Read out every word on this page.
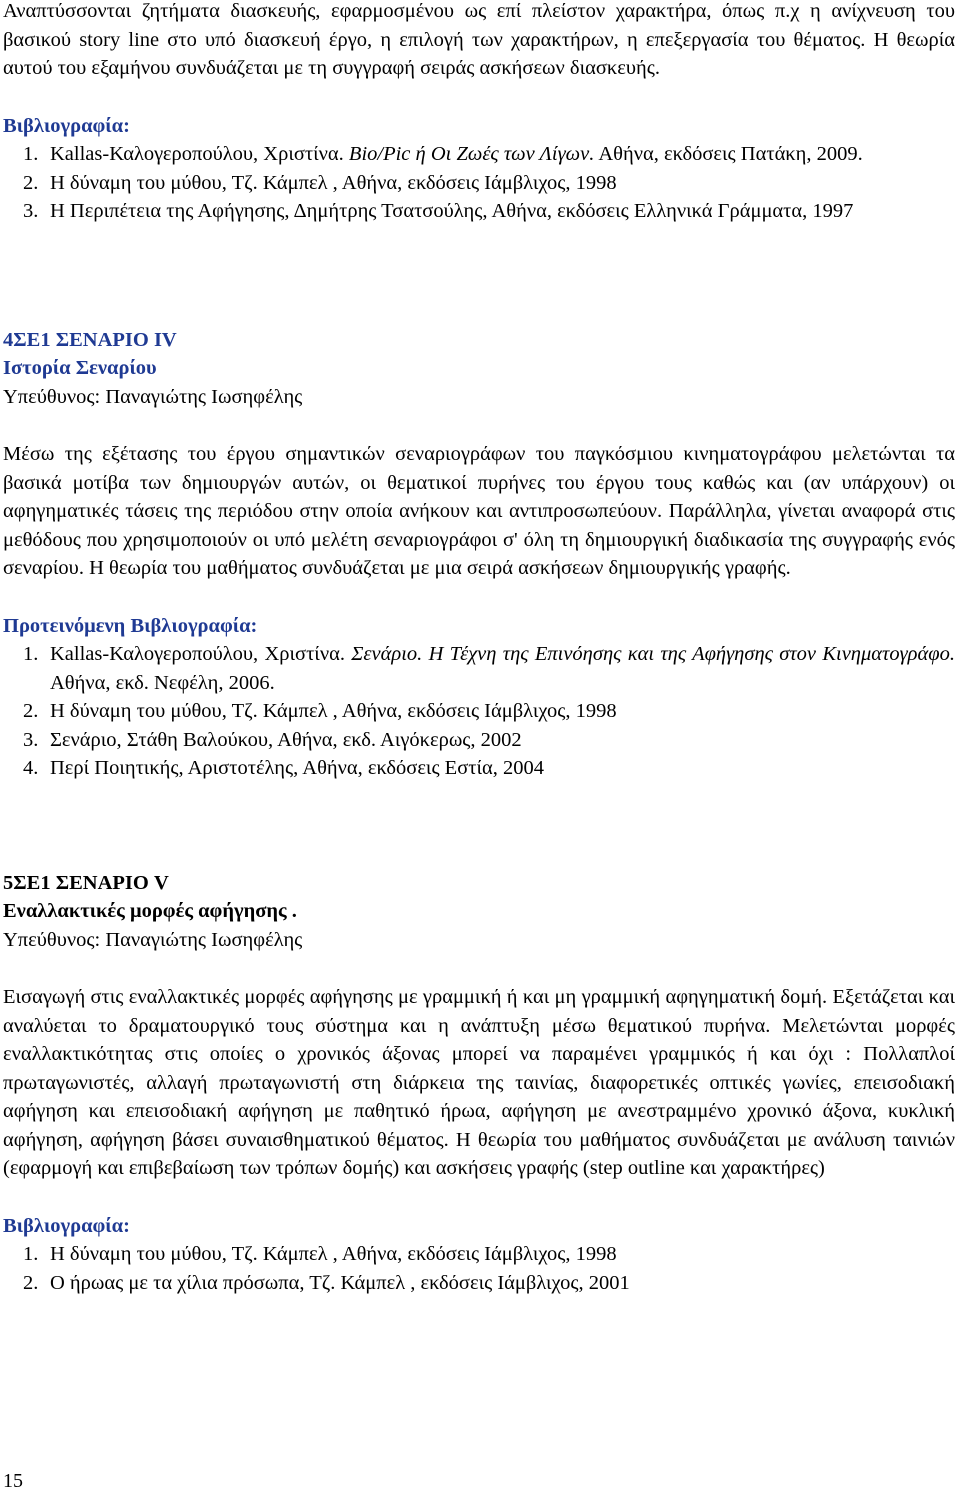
Αναπτύσσονται ζητήματα διασκευής, εφαρμοσμένου ως επί πλείστον χαρακτήρα, όπως π.χ η ανίχνευση του βασικού story line στο υπό διασκευή έργο, η επιλογή των χαρακτήρων, η επεξεργασία του θέματος. Η θεωρία αυτού του εξαμήνου συνδυάζεται με τη συγγραφή σειράς ασκήσεων διασκευής.

Βιβλιογραφία:
1. Kallas-Καλογεροπούλου, Χριστίνα. Bio/Pic ή Οι Ζωές των Λίγων. Αθήνα, εκδόσεις Πατάκη, 2009.
2. Η δύναμη του μύθου, Τζ. Κάμπελ , Αθήνα, εκδόσεις Ιάμβλιχος, 1998
3. Η Περιπέτεια της Αφήγησης, Δημήτρης Τσατσούλης, Αθήνα, εκδόσεις Ελληνικά Γράμματα, 1997
4ΣΕ1 ΣΕΝΑΡΙΟ IV
Ιστορία Σεναρίου
Υπεύθυνος: Παναγιώτης Ιωσηφέλης

Μέσω της εξέτασης του έργου σημαντικών σεναριογράφων του παγκόσμιου κινηματογράφου μελετώνται τα βασικά μοτίβα των δημιουργών αυτών, οι θεματικοί πυρήνες του έργου τους καθώς και (αν υπάρχουν) οι αφηγηματικές τάσεις της περιόδου στην οποία ανήκουν και αντιπροσωπεύουν. Παράλληλα, γίνεται αναφορά στις μεθόδους που χρησιμοποιούν οι υπό μελέτη σεναριογράφοι σ' όλη τη δημιουργική διαδικασία της συγγραφής ενός σεναρίου. Η θεωρία του μαθήματος συνδυάζεται με μια σειρά ασκήσεων δημιουργικής γραφής.

Προτεινόμενη Βιβλιογραφία:
1. Kallas-Καλογεροπούλου, Χριστίνα. Σενάριο. Η Τέχνη της Επινόησης και της Αφήγησης στον Κινηματογράφο. Αθήνα, εκδ. Νεφέλη, 2006.
2. Η δύναμη του μύθου, Τζ. Κάμπελ , Αθήνα, εκδόσεις Ιάμβλιχος, 1998
3. Σενάριο, Στάθη Βαλούκου, Αθήνα, εκδ. Αιγόκερως, 2002
4. Περί Ποιητικής, Αριστοτέλης, Αθήνα, εκδόσεις Εστία, 2004
5ΣΕ1 ΣΕΝΑΡΙΟ V
Εναλλακτικές μορφές αφήγησης .
Υπεύθυνος: Παναγιώτης Ιωσηφέλης

Εισαγωγή στις εναλλακτικές μορφές αφήγησης με γραμμική ή και μη γραμμική αφηγηματική δομή. Εξετάζεται και αναλύεται το δραματουργικό τους σύστημα και η ανάπτυξη μέσω θεματικού πυρήνα. Μελετώνται μορφές εναλλακτικότητας στις οποίες ο χρονικός άξονας μπορεί να παραμένει γραμμικός ή και όχι : Πολλαπλοί πρωταγωνιστές, αλλαγή πρωταγωνιστή στη διάρκεια της ταινίας, διαφορετικές οπτικές γωνίες, επεισοδιακή αφήγηση και επεισοδιακή αφήγηση με παθητικό ήρωα, αφήγηση με ανεστραμμένο χρονικό άξονα, κυκλική αφήγηση, αφήγηση βάσει συναισθηματικού θέματος. Η θεωρία του μαθήματος συνδυάζεται με ανάλυση ταινιών (εφαρμογή και επιβεβαίωση των τρόπων δομής) και ασκήσεις γραφής (step outline και χαρακτήρες)

Βιβλιογραφία:
1. Η δύναμη του μύθου, Τζ. Κάμπελ , Αθήνα, εκδόσεις Ιάμβλιχος, 1998
2. Ο ήρωας με τα χίλια πρόσωπα, Τζ. Κάμπελ , εκδόσεις Ιάμβλιχος, 2001
15
